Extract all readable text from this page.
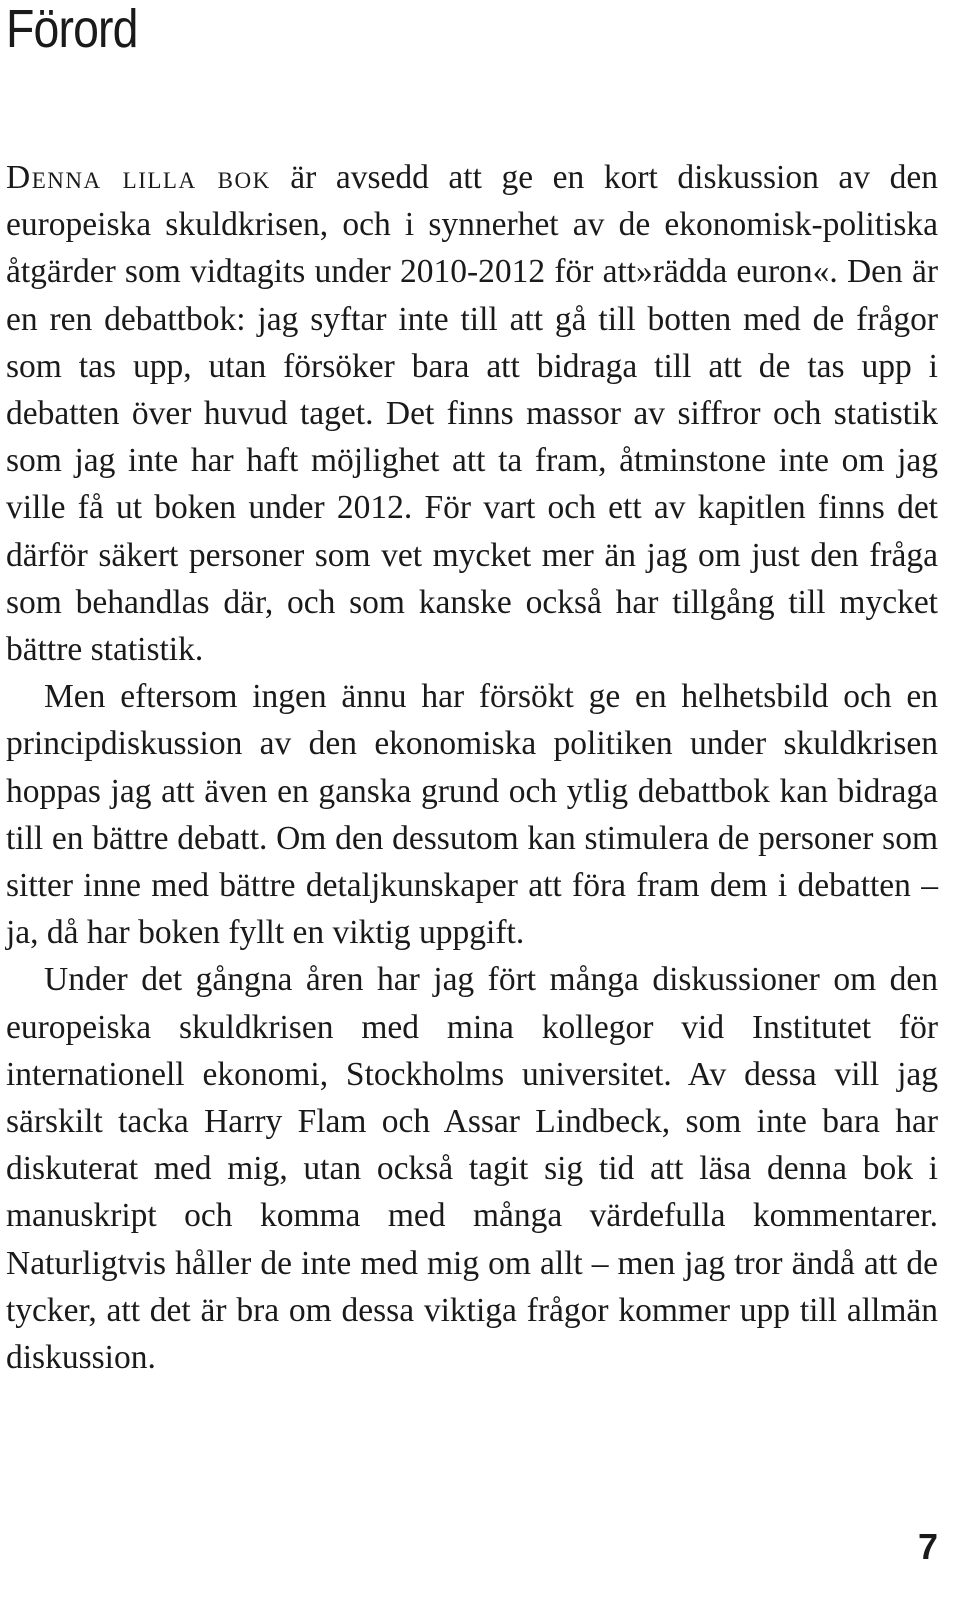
Förord

Denna lilla bok är avsedd att ge en kort diskussion av den europeiska skuldkrisen, och i synnerhet av de ekonomisk-politiska åtgärder som vidtagits under 2010-2012 för att»rädda euron«. Den är en ren debattbok: jag syftar inte till att gå till botten med de frågor som tas upp, utan försöker bara att bidraga till att de tas upp i debatten över huvud taget. Det finns massor av siffror och statistik som jag inte har haft möjlighet att ta fram, åtminstone inte om jag ville få ut boken under 2012. För vart och ett av kapitlen finns det därför säkert personer som vet mycket mer än jag om just den fråga som behandlas där, och som kanske också har tillgång till mycket bättre statistik.

Men eftersom ingen ännu har försökt ge en helhetsbild och en principdiskussion av den ekonomiska politiken under skuldkrisen hoppas jag att även en ganska grund och ytlig debattbok kan bidraga till en bättre debatt. Om den dessutom kan stimulera de personer som sitter inne med bättre detaljkunskaper att föra fram dem i debatten – ja, då har boken fyllt en viktig uppgift.

Under det gångna åren har jag fört många diskussioner om den europeiska skuldkrisen med mina kollegor vid Institutet för internationell ekonomi, Stockholms universitet. Av dessa vill jag särskilt tacka Harry Flam och Assar Lindbeck, som inte bara har diskuterat med mig, utan också tagit sig tid att läsa denna bok i manuskript och komma med många värdefulla kommentarer. Naturligtvis håller de inte med mig om allt – men jag tror ändå att de tycker, att det är bra om dessa viktiga frågor kommer upp till allmän diskussion.

7
